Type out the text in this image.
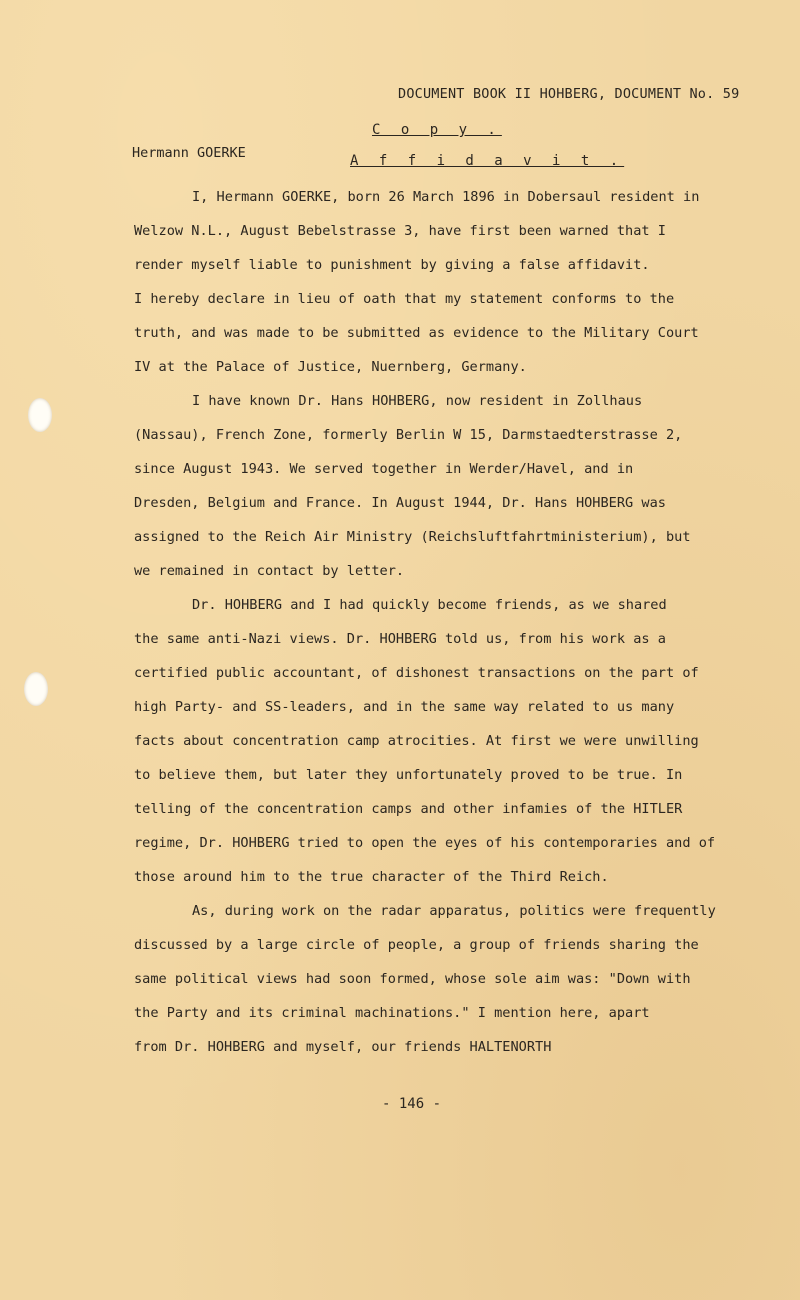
DOCUMENT BOOK II HOHBERG, DOCUMENT No. 59
C o p y .
Hermann GOERKE	A f f i d a v i t .
I, Hermann GOERKE, born 26 March 1896 in Dobersaul resident in
Welzow N.L., August Bebelstrasse 3, have first been warned that I
render myself liable to punishment by giving a false affidavit.
I hereby declare in lieu of oath that my statement conforms to the
truth, and was made to be submitted as evidence to the Military Court
IV at the Palace of Justice, Nuernberg, Germany.
I have known Dr. Hans HOHBERG, now resident in Zollhaus
(Nassau), French Zone, formerly Berlin W 15, Darmstaedterstrasse 2,
since August 1943. We served together in Werder/Havel, and in
Dresden, Belgium and France. In August 1944, Dr. Hans HOHBERG was
assigned to the Reich Air Ministry (Reichsluftfahrtministerium), but
we remained in contact by letter.
Dr. HOHBERG and I had quickly become friends, as we shared
the same anti-Nazi views. Dr. HOHBERG told us, from his work as a
certified public accountant, of dishonest transactions on the part of
high Party- and SS-leaders, and in the same way related to us many
facts about concentration camp atrocities. At first we were unwilling
to believe them, but later they unfortunately proved to be true. In
telling of the concentration camps and other infamies of the HITLER
regime, Dr. HOHBERG tried to open the eyes of his contemporaries and of
those around him to the true character of the Third Reich.
As, during work on the radar apparatus, politics were frequently
discussed by a large circle of people, a group of friends sharing the
same political views had soon formed, whose sole aim was: "Down with
the Party and its criminal machinations." I mention here, apart
from Dr. HOHBERG and myself, our friends HALTENORTH
- 146 -
